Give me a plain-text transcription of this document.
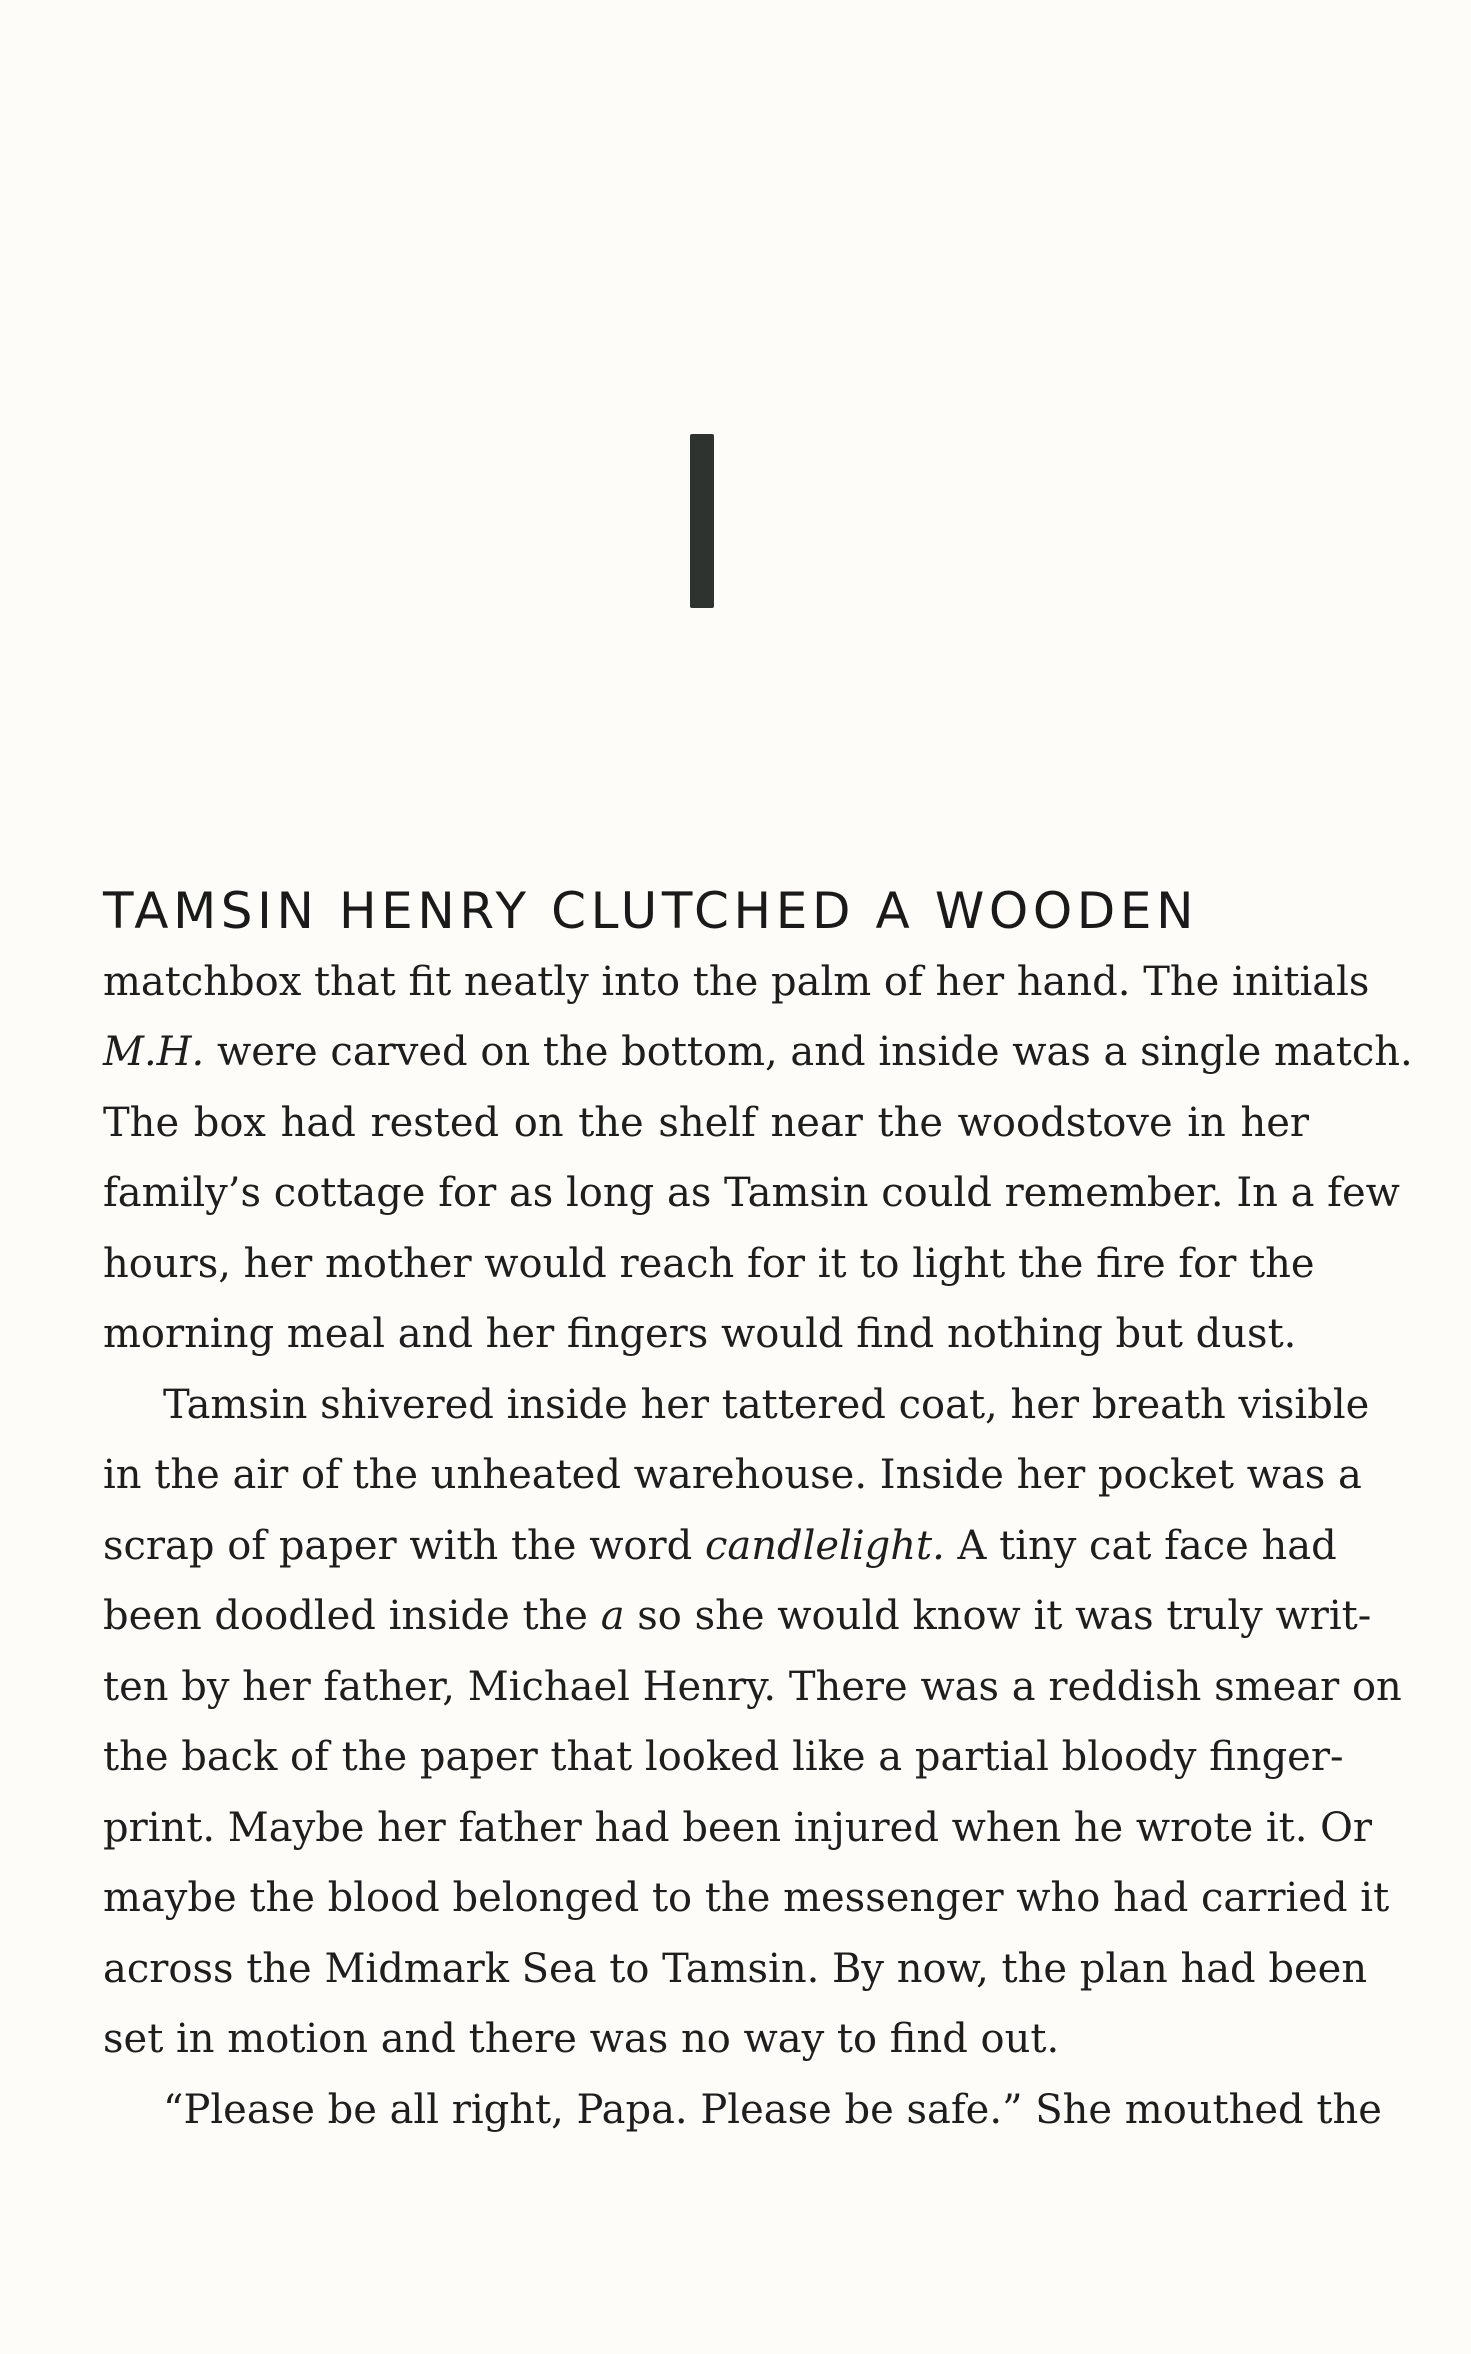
TAMSIN HENRY CLUTCHED A WOODEN

matchbox that fit neatly into the palm of her hand. The initials
M.H. were carved on the bottom, and inside was a single match.
The box had rested on the shelf near the woodstove in her
family’s cottage for as long as Tamsin could remember. In a few
hours, her mother would reach for it to light the fire for the
morning meal and her fingers would find nothing but dust.

Tamsin shivered inside her tattered coat, her breath visible
in the air of the unheated warehouse. Inside her pocket was a
scrap of paper with the word candlelight. A tiny cat face had
been doodled inside the a so she would know it was truly writ-
ten by her father, Michael Henry. There was a reddish smear on
the back of the paper that looked like a partial bloody finger-
print. Maybe her father had been injured when he wrote it. Or
maybe the blood belonged to the messenger who had carried it
across the Midmark Sea to Tamsin. By now, the plan had been
set in motion and there was no way to find out.

“Please be all right, Papa. Please be safe.” She mouthed the
